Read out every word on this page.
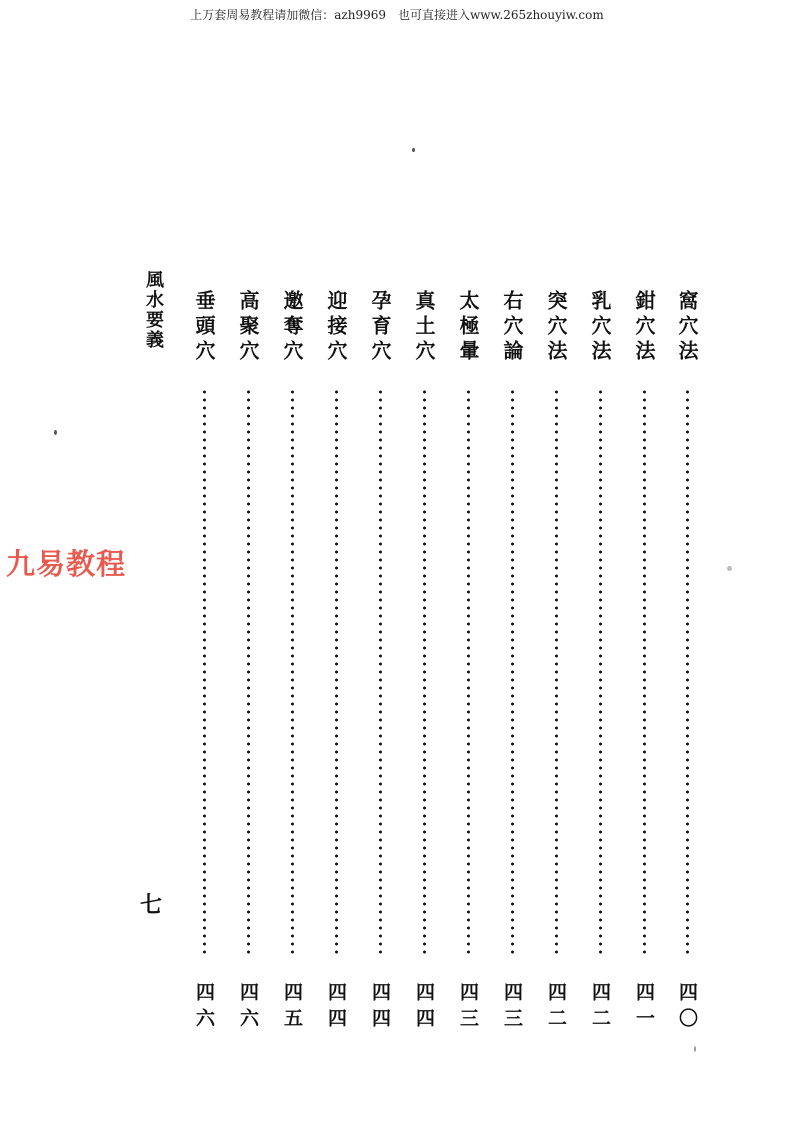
上万套周易教程请加微信：azh9969　也可直接进入www.265zhouyiw.com
風水要義
九易教程
七
窩穴法
四〇
鉗穴法
四一
乳穴法
四二
突穴法
四二
右穴論
四三
太極暈
四三
真土穴
四四
孕育穴
四四
迎接穴
四四
邀奪穴
四五
高聚穴
四六
垂頭穴
四六
